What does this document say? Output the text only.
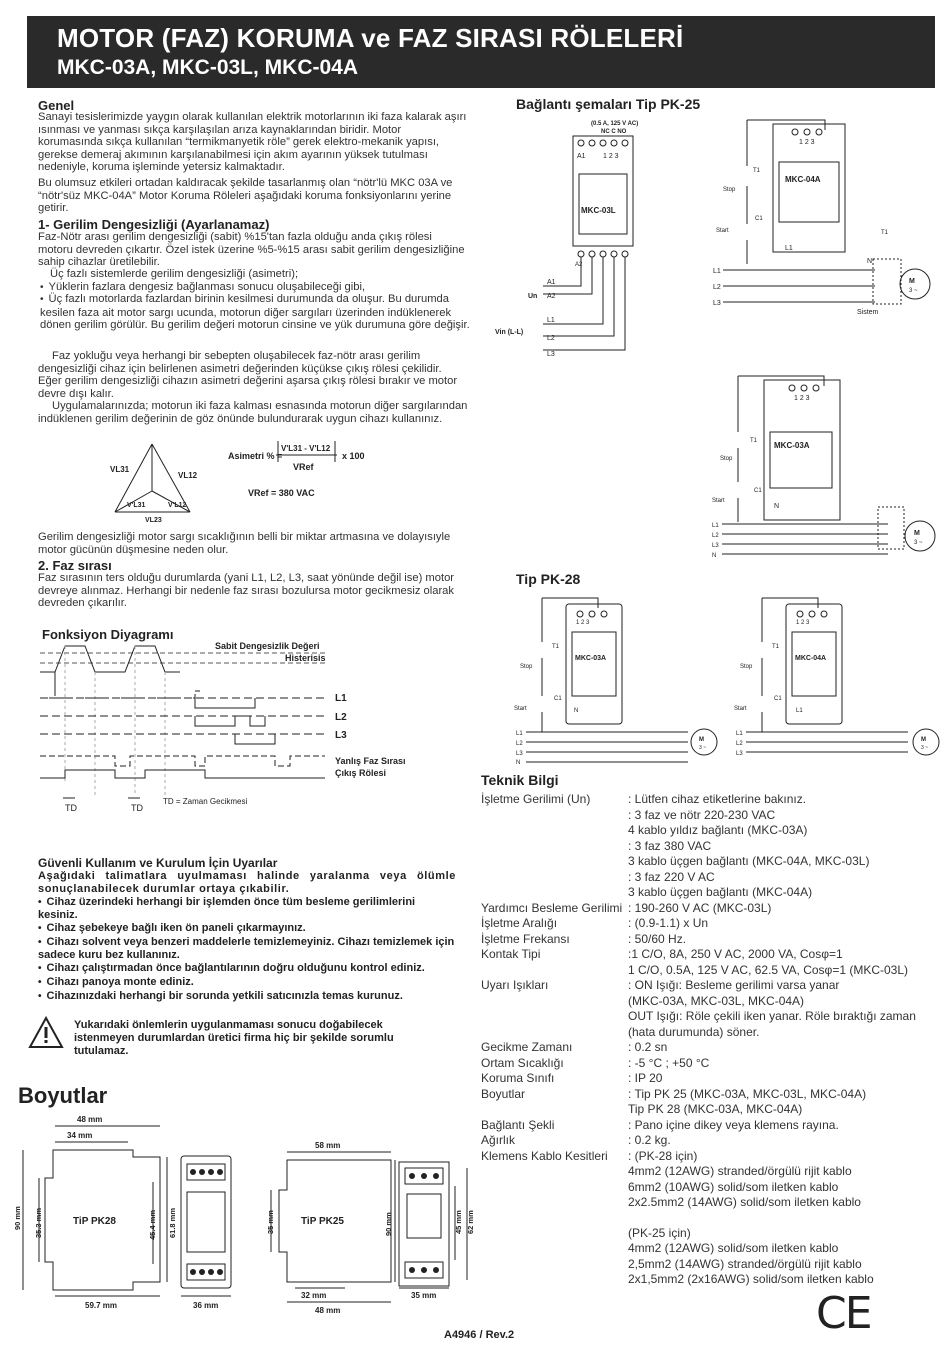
MOTOR (FAZ) KORUMA ve FAZ SIRASI RÖLELERİ
MKC-03A, MKC-03L, MKC-04A
Genel
Sanayi tesislerimizde yaygın olarak kullanılan elektrik motorlarının iki faza kalarak aşırı ısınması ve yanması sıkça karşılaşılan arıza kaynaklarından biridir. Motor korumasında sıkça kullanılan “termikmanyetik röle” gerek elektro-mekanik yapısı, gerekse demeraj akımının karşılanabilmesi için akım ayarının yüksek tutulması nedeniyle, koruma işleminde yetersiz kalmaktadır.
Bu olumsuz etkileri ortadan kaldıracak şekilde tasarlanmış olan “nötr'lü MKC 03A ve “nötr'süz MKC-04A” Motor Koruma Röleleri aşağıdaki koruma fonksiyonlarını yerine getirir.
1- Gerilim Dengesizliği (Ayarlanamaz)
Faz-Nötr arası gerilim dengesizliği (sabit) %15'tan fazla olduğu anda çıkış rölesi motoru devreden çıkartır. Özel istek üzerine %5-%15 arası sabit gerilim dengesizliğine sahip cihazlar üretilebilir.
Üç fazlı sistemlerde gerilim dengesizliği (asimetri);
• Yüklerin fazlara dengesiz bağlanması sonucu oluşabileceği gibi,
• Üç fazlı motorlarda fazlardan birinin kesilmesi durumunda da oluşur. Bu durumda kesilen faza ait motor sargı ucunda, motorun diğer sargıları üzerinden indüklenerek dönen gerilim görülür. Bu gerilim değeri motorun cinsine ve yük durumuna göre değişir.
Faz yokluğu veya herhangi bir sebepten oluşabilecek faz-nötr arası gerilim dengesizliği cihaz için belirlenen asimetri değerinden küçükse çıkış rölesi çekilidir. Eğer gerilim dengesizliği cihazın asimetri değerini aşarsa çıkış rölesi bırakır ve motor devre dışı kalır.
Uygulamalarınızda; motorun iki faza kalması esnasında motorun diğer sargılarından indüklenen gerilim değerinin de göz önünde bulundurarak uygun cihazı kullanınız.
VL31
VL12
V'L31	V'L12
VL23
Asimetri % =
V'L31 - V'L12
VRef
x 100
VRef = 380 VAC
Gerilim dengesizliği motor sargı sıcaklığının belli bir miktar artmasına ve dolayısıyle motor gücünün düşmesine neden olur.
2. Faz sırası
Faz sırasının ters olduğu durumlarda (yani L1, L2, L3, saat yönünde değil ise) motor devreye alınmaz. Herhangi bir nedenle faz sırası bozulursa motor gecikmesiz olarak devreden çıkarılır.
Fonksiyon Diyagramı
Sabit Dengesizlik Değeri
Histerisis
L1
L2
L3
Yanlış Faz Sırası
Çıkış Rölesi
TD	TD
TD = Zaman Gecikmesi
Güvenli Kullanım ve Kurulum İçin Uyarılar
Aşağıdaki talimatlara uyulmaması halinde yaralanma veya ölümle sonuçlanabilecek durumlar ortaya çıkabilir.
• Cihaz üzerindeki herhangi bir işlemden önce tüm besleme gerilimlerini kesiniz.
• Cihaz şebekeye bağlı iken ön paneli çıkarmayınız.
• Cihazı solvent veya benzeri maddelerle temizlemeyiniz. Cihazı temizlemek için sadece kuru bez kullanınız.
• Cihazı çalıştırmadan önce bağlantılarının doğru olduğunu kontrol ediniz.
• Cihazı panoya monte ediniz.
• Cihazınızdaki herhangi bir sorunda yetkili satıcınızla temas kurunuz.
Yukarıdaki önlemlerin uygulanmaması sonucu doğabilecek istenmeyen durumlardan üretici firma hiç bir şekilde sorumlu tutulamaz.
Boyutlar
48 mm
34 mm
TiP PK28
90 mm 35.3 mm	45.4 mm 61.8 mm
59.7 mm	36 mm
58 mm
TiP PK25
35 mm	90 mm
32 mm
48 mm
45 mm 62 mm
35 mm
Bağlantı şemaları Tip PK-25
(0.5 A, 125 V AC)
NC C NO
A1 1 2 3
MKC-03L
A2
A1
A2
Un
L1
L2
L3
Vin (L-L)
1 2 3
MKC-04A
L1
Stop
T1
Start
C1
L1
L2
L3
N
M
3 ~
Sistem
T1
1 2 3
MKC-03A
N
Stop
T1
Start
C1
L1
L2
L3
N
M
3 ~
Tip PK-28
1 2 3
MKC-03A
N
Stop
T1
Start
C1
L1
L2
L3
N
M
3 ~
1 2 3
MKC-04A
L1
Stop
T1
Start
C1
L1
L2
L3
M
3 ~
Teknik Bilgi
İşletme Gerilimi (Un)	: Lütfen cihaz etiketlerine bakınız.
: 3 faz ve nötr 220-230 VAC
4 kablo yıldız bağlantı (MKC-03A)
: 3 faz 380 VAC
3 kablo üçgen bağlantı (MKC-04A, MKC-03L)
: 3 faz 220 V AC
3 kablo üçgen bağlantı (MKC-04A)
Yardımcı Besleme Gerilimi : 190-260 V AC (MKC-03L)
İşletme Aralığı	: (0.9-1.1) x Un
İşletme Frekansı	: 50/60 Hz.
Kontak Tipi	:1 C/O, 8A, 250 V AC, 2000 VA, Cosφ=1
1 C/O, 0.5A, 125 V AC, 62.5 VA, Cosφ=1 (MKC-03L)
Uyarı Işıkları	: ON Işığı: Besleme gerilimi varsa yanar
(MKC-03A, MKC-03L, MKC-04A)
OUT Işığı: Röle çekili iken yanar. Röle bıraktığı zaman
(hata durumunda) söner.
Gecikme Zamanı	: 0.2 sn
Ortam Sıcaklığı	: -5 °C ; +50 °C
Koruma Sınıfı	: IP 20
Boyutlar	: Tip PK 25 (MKC-03A, MKC-03L, MKC-04A)
Tip PK 28 (MKC-03A, MKC-04A)
Bağlantı Şekli	: Pano içine dikey veya klemens rayına.
Ağırlık	: 0.2 kg.
Klemens Kablo Kesitleri : (PK-28 için)
4mm2 (12AWG) stranded/örgülü rijit kablo
6mm2 (10AWG) solid/som iletken kablo
2x2.5mm2 (14AWG) solid/som iletken kablo
(PK-25 için)
4mm2 (12AWG) solid/som iletken kablo
2,5mm2 (14AWG) stranded/örgülü rijit kablo
2x1,5mm2 (2x16AWG) solid/som iletken kablo
A4946 / Rev.2	CE
